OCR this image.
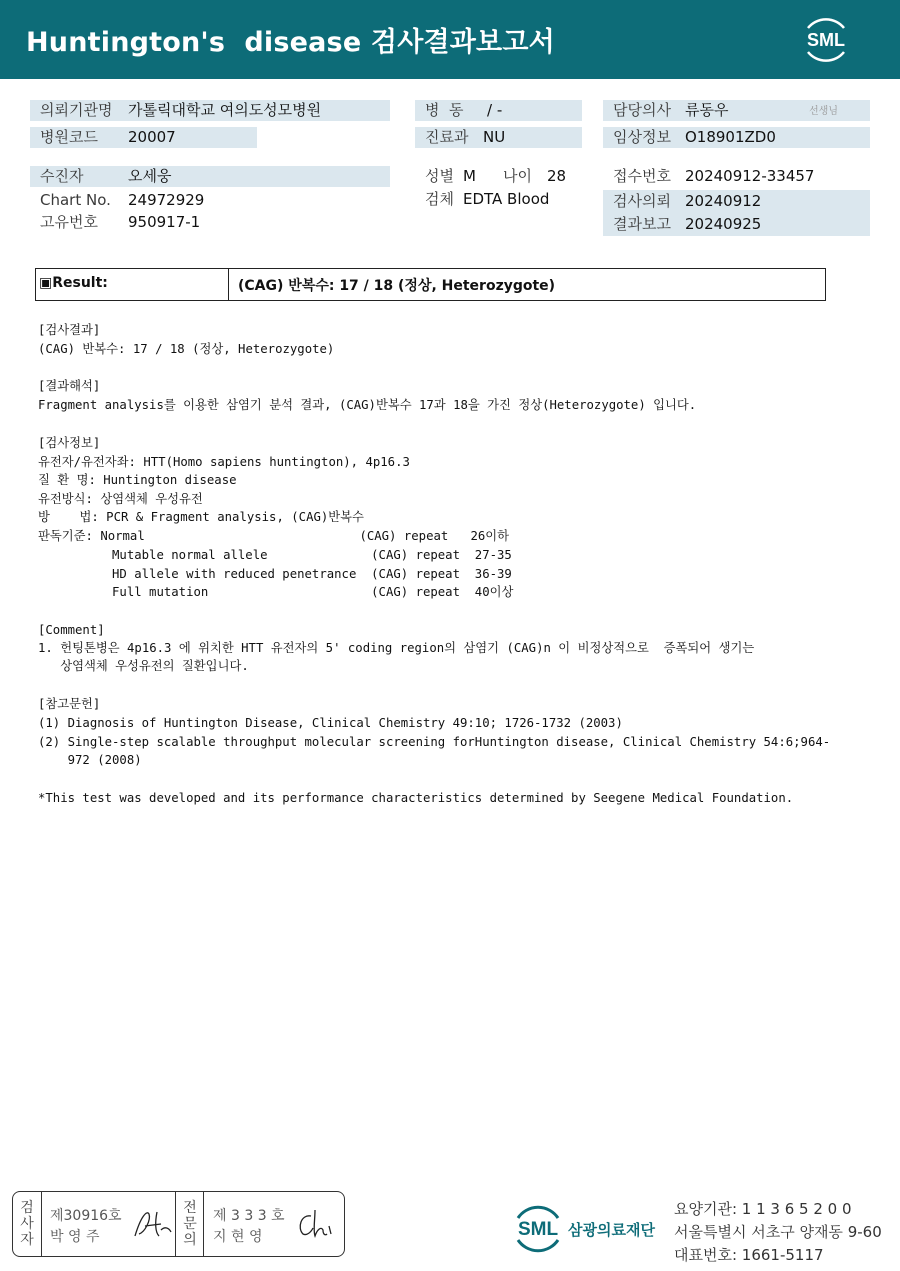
Huntington's  disease 검사결과보고서	SML
의뢰기관명 가톨릭대학교 여의도성모병원
병원코드 20007
수진자	오세웅
Chart No. 24972929
고유번호 950917-1
병  동 / -
진료과 NU
성별 M 나이 28
검체 EDTA Blood
담당의사 류동우	선생님
임상정보 O18901ZD0
접수번호 20240912-33457
검사의뢰 20240912
결과보고 20240925
▣Result:	(CAG) 반복수: 17 / 18 (정상, Heterozygote)
[검사결과]
(CAG) 반복수: 17 / 18 (정상, Heterozygote)
[결과해석]
Fragment analysis를 이용한 삼염기 분석 결과, (CAG)반복수 17과 18을 가진 정상(Heterozygote) 입니다.
[검사정보]
유전자/유전자좌: HTT(Homo sapiens huntington), 4p16.3
질 환 명: Huntington disease
유전방식: 상염색체 우성유전
방    법: PCR & Fragment analysis, (CAG)반복수
판독기준: Normal                             (CAG) repeat   26이하
Mutable normal allele              (CAG) repeat  27-35
HD allele with reduced penetrance  (CAG) repeat  36-39
Full mutation                      (CAG) repeat  40이상
[Comment]
1. 헌팅톤병은 4p16.3 에 위치한 HTT 유전자의 5' coding region의 삼염기 (CAG)n 이 비정상적으로  증폭되어 생기는
상염색체 우성유전의 질환입니다.
[참고문헌]
(1) Diagnosis of Huntington Disease, Clinical Chemistry 49:10; 1726-1732 (2003)
(2) Single-step scalable throughput molecular screening forHuntington disease, Clinical Chemistry 54:6;964-
972 (2008)
*This test was developed and its performance characteristics determined by Seegene Medical Foundation.
검사자
제30916호
박 영 주
전문의
제 3 3 3 호
지 현 영	SML 삼광의료재단
요양기관: 1 1 3 6 5 2 0 0
서울특별시 서초구 양재동 9-60
대표번호: 1661-5117
